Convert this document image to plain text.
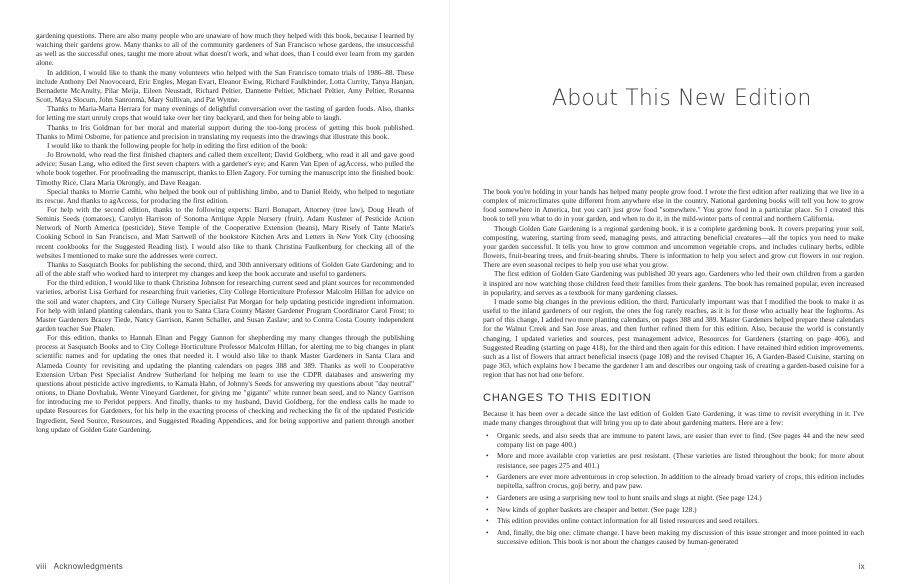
gardening questions. There are also many people who are unaware of how much they helped with this book, because I learned by watching their gardens grow. Many thanks to all of the community gardeners of San Francisco whose gardens, the unsuccessful as well as the successful ones, taught me more about what doesn't work, and what does, than I could ever learn from my garden alone.

In addition, I would like to thank the many volunteers who helped with the San Francisco tomato trials of 1986–88. These include Anthony Del Nuovoceard, Eric Engles, Megan Evart, Eleanor Ewing, Richard Faulkbinder, Lotta Currity, Tanya Hanjan, Bernadette McAnulty, Pilar Meija, Eileen Neustadt, Richard Peltier, Dannette Peltier, Michael Peltier, Amy Peltier, Rosanna Scott, Maya Slocum, John Sanronmà, Mary Sullivan, and Pat Wynne.

Thanks to Maria-Marta Herrara for many evenings of delightful conversation over the tasting of garden foods. Also, thanks for letting me start unruly crops that would take over her tiny backyard, and then for being able to laugh.

Thanks to Iris Goldman for her moral and material support during the too-long process of getting this book published. Thanks to Mimi Osborne, for patience and precision in translating my requests into the drawings that illustrate this book.

I would like to thank the following people for help in editing the first edition of the book:

Jo Brownold, who read the first finished chapters and called them excellent; David Goldberg, who read it all and gave good advice; Susan Lang, who edited the first seven chapters with a gardener's eye; and Karen Van Epen of agAccess, who pulled the whole book together. For proofreading the manuscript, thanks to Ellen Zagory. For turning the manuscript into the finished book: Timothy Rice, Clara Maria Okrongly, and Dave Reagan.

Special thanks to Morrie Camhi, who helped the book out of publishing limbo, and to Daniel Reidy, who helped to negotiate its rescue. And thanks to agAccess, for producing the first edition.

For help with the second edition, thanks to the following experts: Barri Bonapart, Attorney (tree law), Doug Heath of Seminis Seeds (tomatoes), Carolyn Harrison of Sonoma Antique Apple Nursery (fruit), Adam Kushner of Pesticide Action Network of North America (pesticide), Steve Temple of the Cooperative Extension (beans), Mary Risely of Tante Marie's Cooking School in San Francisco, and Matt Sartwell of the bookstore Kitchen Arts and Letters in New York City (choosing recent cookbooks for the Suggested Reading list). I would also like to thank Christina Faulkenburg for checking all of the websites I mentioned to make sure the addresses were correct.

Thanks to Sasquatch Books for publishing the second, third, and 30th anniversary editions of Golden Gate Gardening; and to all of the able staff who worked hard to interpret my changes and keep the book accurate and useful to gardeners.

For the third edition, I would like to thank Christina Johnson for researching current seed and plant sources for recommended varieties, arborist Lisa Gerhard for researching fruit varieties, City College Horticulture Professor Malcolm Hillan for advice on the soil and water chapters, and City College Nursery Specialist Pat Morgan for help updating pesticide ingredient information. For help with inland planting calendars, thank you to Santa Clara County Master Gardener Program Coordinator Carol Frost; to Master Gardeners Bracey Tiede, Nancy Garrison, Karen Schaller, and Susan Zaslaw; and to Contra Costa County independent garden teacher Sue Phalen.

For this edition, thanks to Hannah Elnan and Peggy Gannon for shepherding my many changes through the publishing process at Sasquatch Books and to City College Horticulture Professor Malcolm Hillan, for alerting me to big changes in plant scientific names and for updating the ones that needed it. I would also like to thank Master Gardeners in Santa Clara and Alameda County for revisiting and updating the planting calendars on pages 388 and 389. Thanks as well to Cooperative Extension Urban Pest Specialist Andrew Sutherland for helping me learn to use the CDPR databases and answering my questions about pesticide active ingredients, to Kamala Hahn, of Johnny's Seeds for answering my questions about "day neutral" onions, to Diane Dovhaluk, Wente Vineyard Gardener, for giving me "gigante" white runner bean seed, and to Nancy Garrison for introducing me to Peridot peppers. And finally, thanks to my husband, David Goldberg, for the endless calls he made to update Resources for Gardeners, for his help in the exacting process of checking and rechecking the fit of the updated Pesticide Ingredient, Seed Source, Resources, and Suggested Reading Appendices, and for being supportive and patient through another long update of Golden Gate Gardening.

viii Acknowledgments
About This New Edition

The book you're holding in your hands has helped many people grow food. I wrote the first edition after realizing that we live in a complex of microclimates quite different from anywhere else in the country. National gardening books will tell you how to grow food somewhere in America, but you can't just grow food "somewhere." You grow food in a particular place. So I created this book to tell you what to do in your garden, and when to do it, in the mild-winter parts of central and northern California.

Though Golden Gate Gardening is a regional gardening book, it is a complete gardening book. It covers preparing your soil, composting, watering, starting from seed, managing pests, and attracting beneficial creatures—all the topics you need to make your garden successful. It tells you how to grow common and uncommon vegetable crops, and includes culinary herbs, edible flowers, fruit-bearing trees, and fruit-bearing shrubs. There is information to help you select and grow cut flowers in our region. There are even seasonal recipes to help you use what you grow.

The first edition of Golden Gate Gardening was published 30 years ago. Gardeners who led their own children from a garden it inspired are now watching those children feed their families from their gardens. The book has remained popular, even increased in popularity, and serves as a textbook for many gardening classes.

I made some big changes in the previous edition, the third. Particularly important was that I modified the book to make it as useful to the inland gardeners of our region, the ones the fog rarely reaches, as it is for those who actually hear the foghorns. As part of this change, I added two more planting calendars, on pages 388 and 389. Master Gardeners helped prepare these calendars for the Walnut Creek and San Jose areas, and then further refined them for this edition. Also, because the world is constantly changing, I updated varieties and sources, pest management advice, Resources for Gardeners (starting on page 406), and Suggested Reading (starting on page 418), for the third and then again for this edition. I have retained third edition improvements, such as a list of flowers that attract beneficial insects (page 108) and the revised Chapter 16, A Garden-Based Cuisine, starting on page 363, which explains how I became the gardener I am and describes our ongoing task of creating a garden-based cuisine for a region that has not had one before.

CHANGES TO THIS EDITION

Because it has been over a decade since the last edition of Golden Gate Gardening, it was time to revisit everything in it. I've made many changes throughout that will bring you up to date about gardening matters. Here are a few:

• Organic seeds, and also seeds that are immune to patent laws, are easier than ever to find. (See pages 44 and the new seed company list on page 400.)
• More and more available crop varieties are pest resistant. (These varieties are listed throughout the book; for more about resistance, see pages 275 and 401.)
• Gardeners are ever more adventurous in crop selection. In addition to the already broad variety of crops, this edition includes nepitella, saffron crocus, goji berry, and paw paw.
• Gardeners are using a surprising new tool to hunt snails and slugs at night. (See page 124.)
• New kinds of gopher baskets are cheaper and better. (See page 128.)
• This edition provides online contact information for all listed resources and seed retailers.
• And, finally, the big one: climate change. I have been making my discussion of this issue stronger and more pointed in each successive edition. This book is not about the changes caused by human-generated
ix
